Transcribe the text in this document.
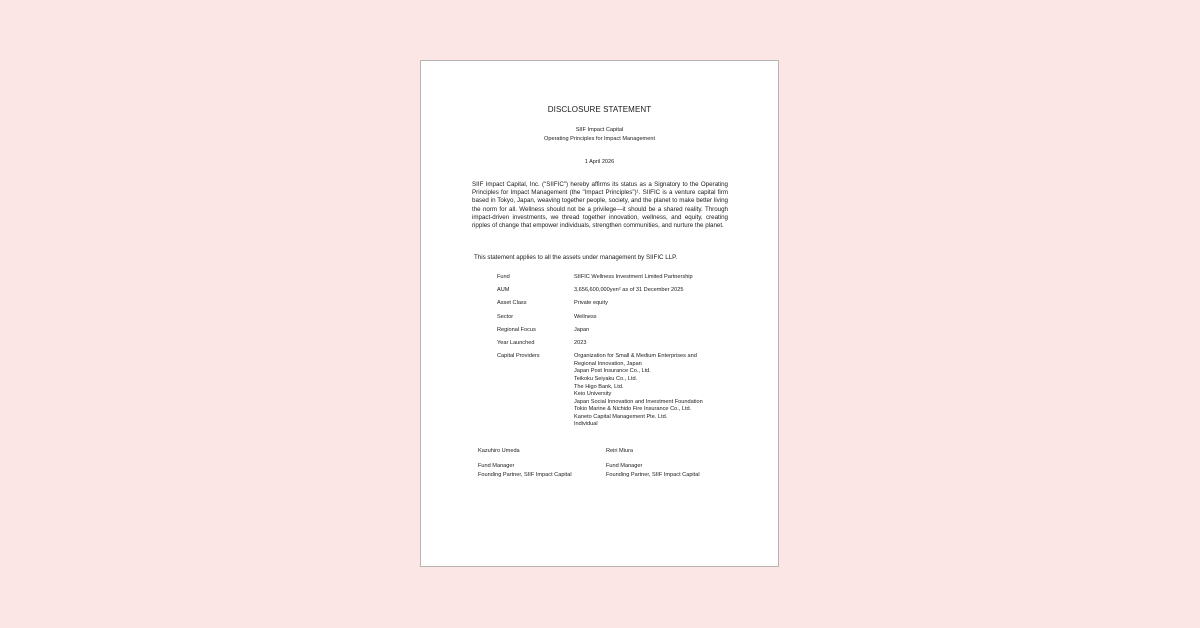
DISCLOSURE STATEMENT
SIIF Impact Capital
Operating Principles for Impact Management
1 April 2026

SIIF Impact Capital, Inc. ("SIIFIC") hereby affirms its status as a Signatory to the Operating Principles for Impact Management (the "Impact Principles")¹. SIIFIC is a venture capital firm based in Tokyo, Japan, weaving together people, society, and the planet to make better living the norm for all. Wellness should not be a privilege—it should be a shared reality. Through impact-driven investments, we thread together innovation, wellness, and equity, creating ripples of change that empower individuals, strengthen communities, and nurture the planet.

This statement applies to all the assets under management by SIIFIC LLP.
Fund	SIIFIC Wellness Investment Limited Partnership
AUM	3,656,600,000yen² as of 31 December 2025
Asset Class	Private equity
Sector	Wellness
Regional Focus	Japan
Year Launched	2023
Capital Providers	Organization for Small & Medium Enterprises and
Regional Innovation, Japan
Japan Post Insurance Co., Ltd.
Teikoku Seiyaku Co., Ltd.
The Higo Bank, Ltd.
Keio University
Japan Social Innovation and Investment Foundation
Tokio Marine & Nichido Fire Insurance Co., Ltd.
Kaneto Capital Management Pte. Ltd.
Individual
Kazuhiro Umeda
Fund Manager
Founding Partner, SIIF Impact Capital
Reiri Miura
Fund Manager
Founding Partner, SIIF Impact Capital
